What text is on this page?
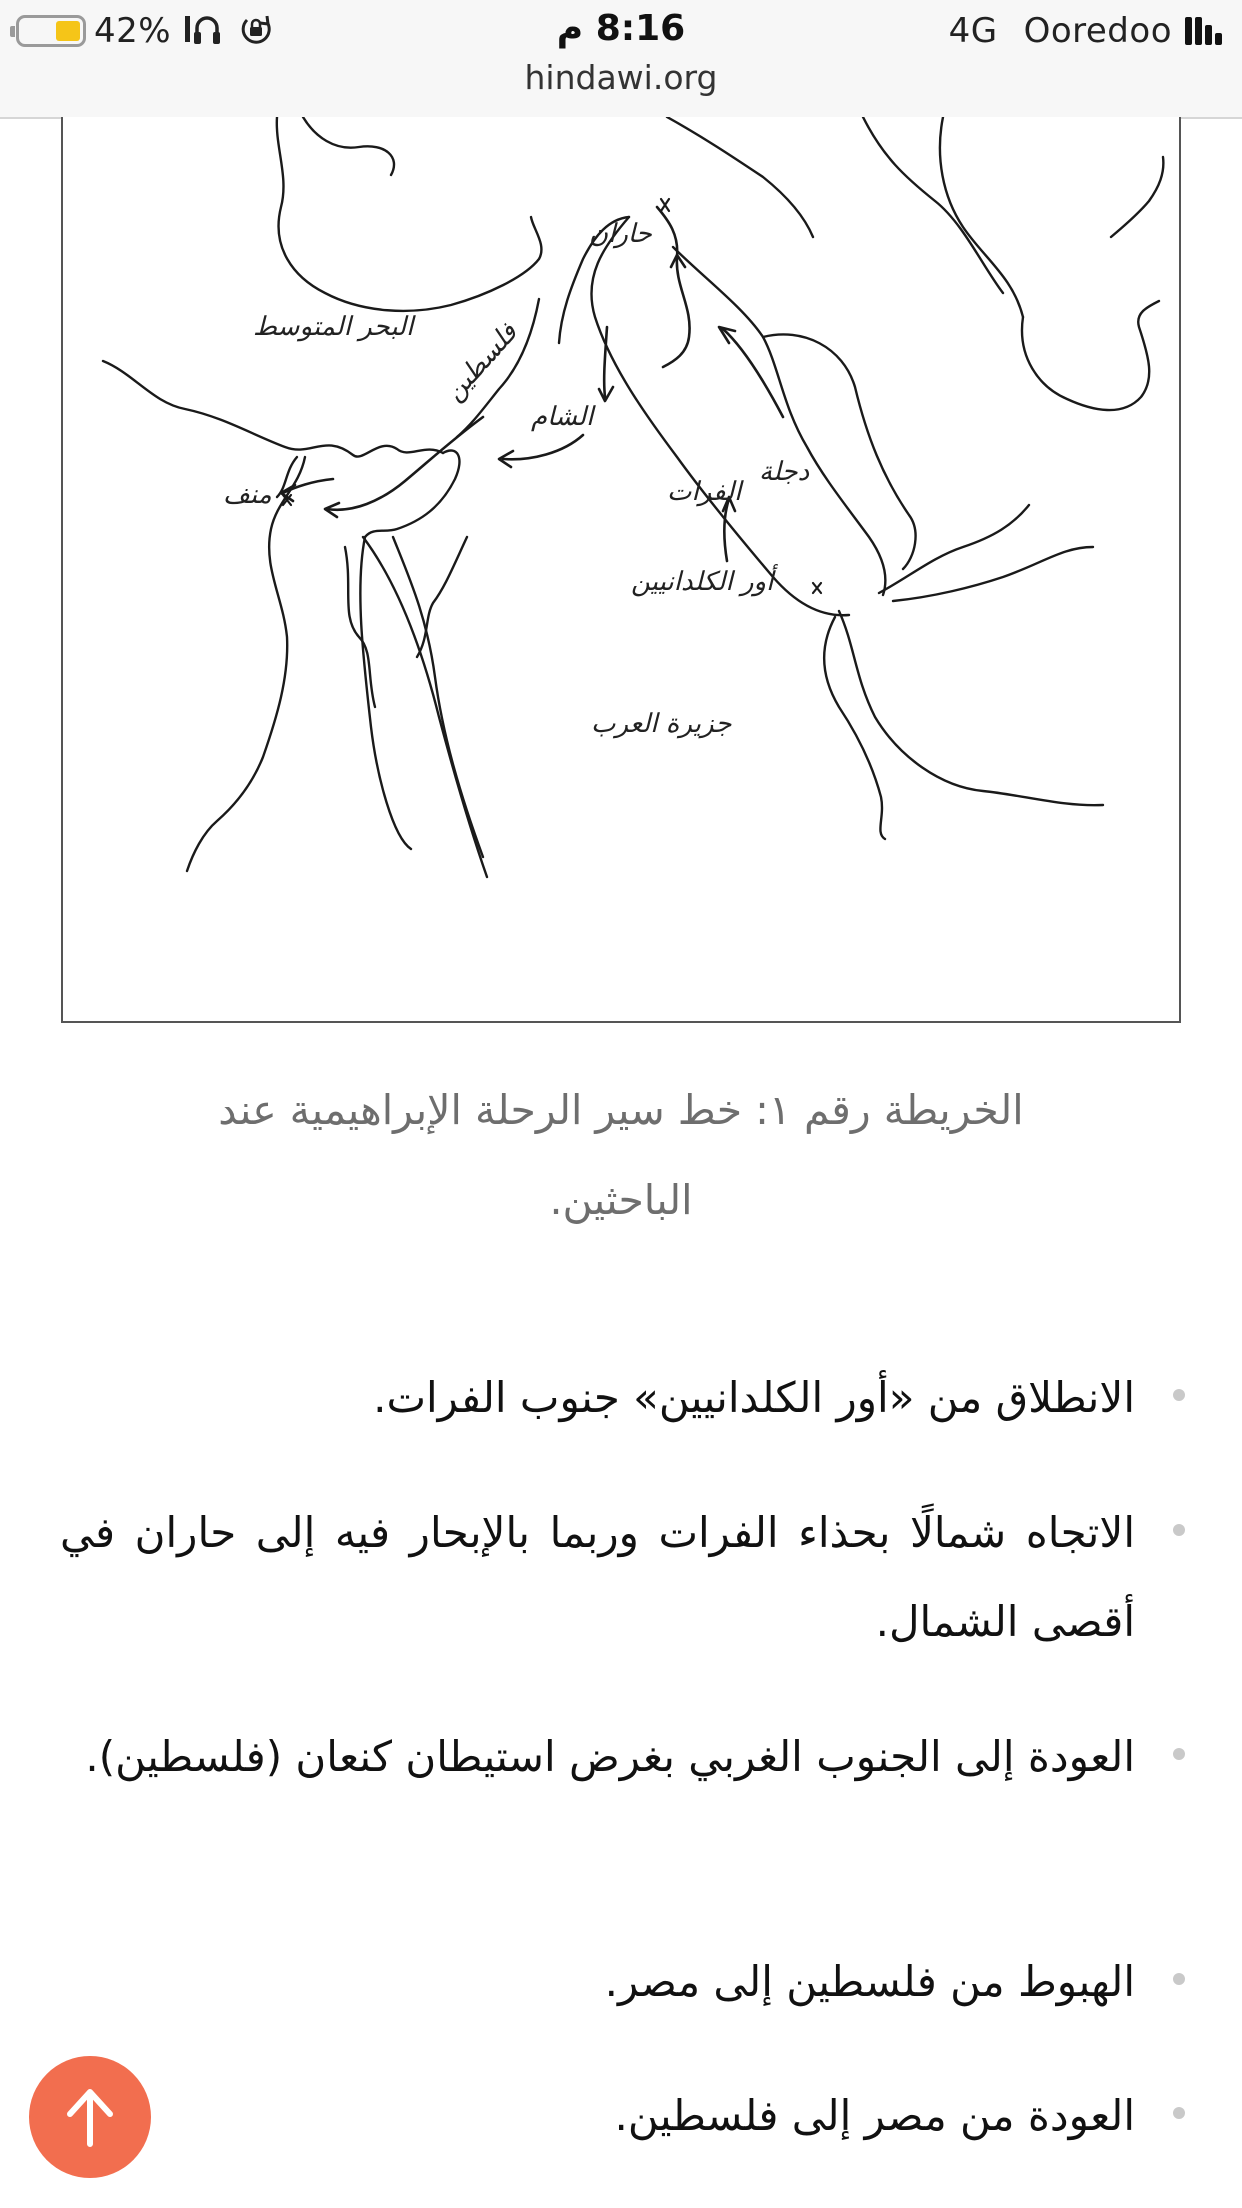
42%	8:16 م
hindawi.org
4G Ooredoo
البحر المتوسط
حاران
الشام
فلسطين
منف
دجلة
الفرات
أور الكلدانيين
جزيرة العرب
الخريطة رقم ١: خط سير الرحلة الإبراهيمية عند الباحثين.
الانطلاق من «أور الكلدانيين» جنوب الفرات.
الاتجاه شمالًا بحذاء الفرات وربما بالإبحار فيه إلى حاران في أقصى الشمال.
العودة إلى الجنوب الغربي بغرض استيطان كنعان (فلسطين).
الهبوط من فلسطين إلى مصر.
العودة من مصر إلى فلسطين.
